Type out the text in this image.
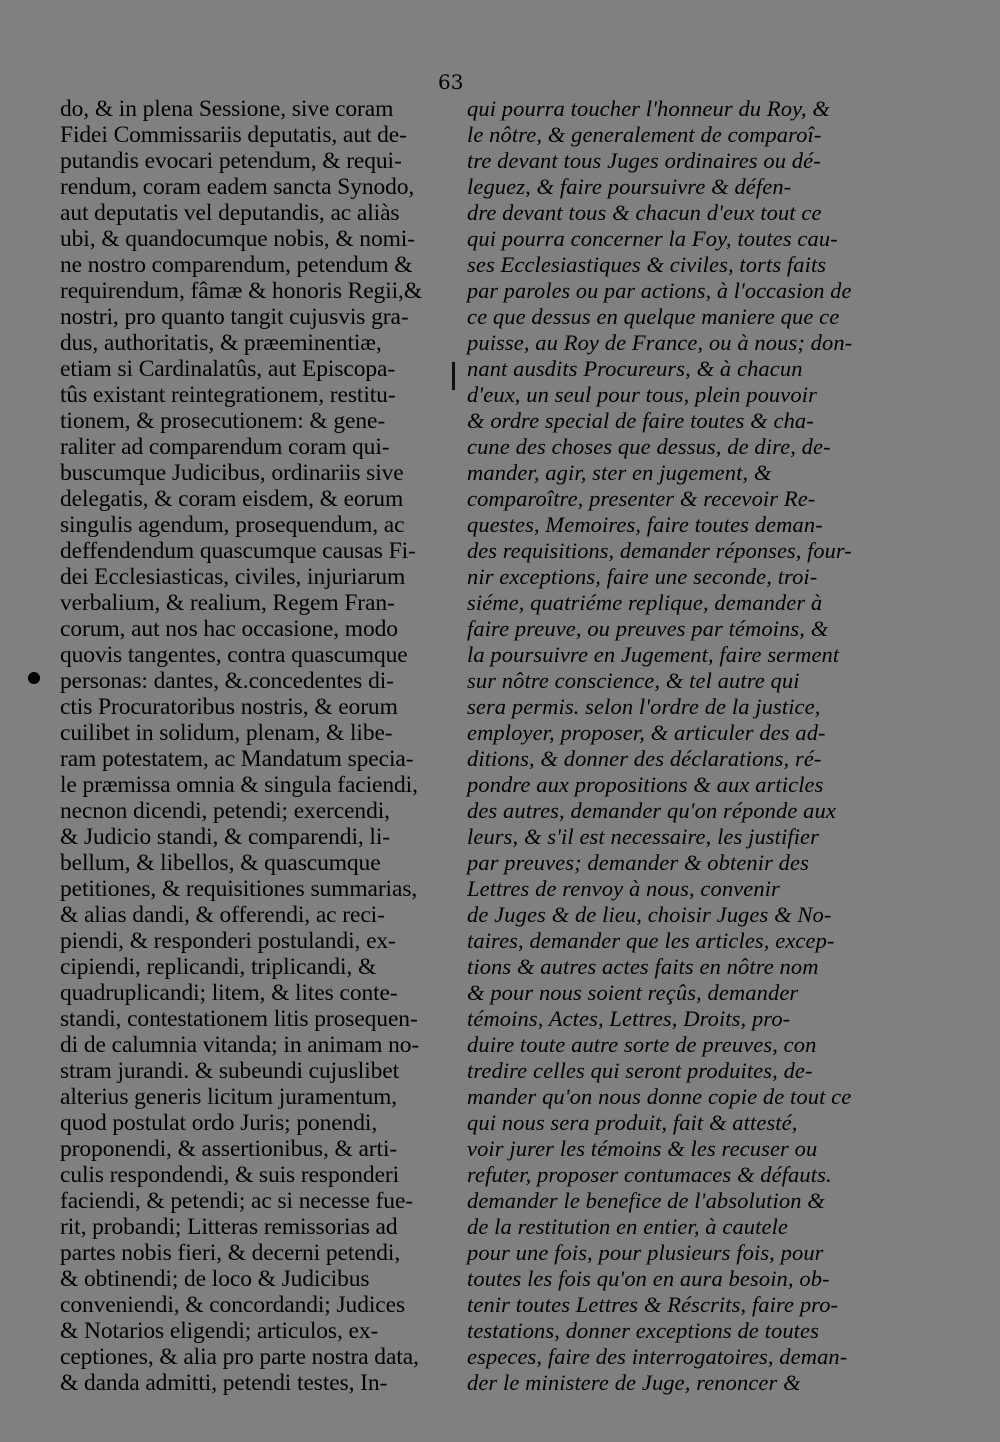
63
do, & in plena Sessione, sive coram
Fidei Commissariis deputatis, aut de-
putandis evocari petendum, & requi-
rendum, coram eadem sancta Synodo,
aut deputatis vel deputandis, ac aliàs
ubi, & quandocumque nobis, & nomi-
ne nostro comparendum, petendum &
requirendum, fâmæ & honoris Regii,&
nostri, pro quanto tangit cujusvis gra-
dus, authoritatis, & præeminentiæ,
etiam si Cardinalatûs, aut Episcopa-
tûs existant reintegrationem, restitu-
tionem, & prosecutionem: & gene-
raliter ad comparendum coram qui-
buscumque Judicibus, ordinariis sive
delegatis, & coram eisdem, & eorum
singulis agendum, prosequendum, ac
deffendendum quascumque causas Fi-
dei Ecclesiasticas, civiles, injuriarum
verbalium, & realium, Regem Fran-
corum, aut nos hac occasione, modo
quovis tangentes, contra quascumque
personas: dantes, &.concedentes di-
ctis Procuratoribus nostris, & eorum
cuilibet in solidum, plenam, & libe-
ram potestatem, ac Mandatum specia-
le præmissa omnia & singula faciendi,
necnon dicendi, petendi; exercendi,
& Judicio standi, & comparendi, li-
bellum, & libellos, & quascumque
petitiones, & requisitiones summarias,
& alias dandi, & offerendi, ac reci-
piendi, & responderi postulandi, ex-
cipiendi, replicandi, triplicandi, &
quadruplicandi; litem, & lites conte-
standi, contestationem litis prosequen-
di de calumnia vitanda; in animam no-
stram jurandi. & subeundi cujuslibet
alterius generis licitum juramentum,
quod postulat ordo Juris; ponendi,
proponendi, & assertionibus, & arti-
culis respondendi, & suis responderi
faciendi, & petendi; ac si necesse fue-
rit, probandi; Litteras remissorias ad
partes nobis fieri, & decerni petendi,
& obtinendi; de loco & Judicibus
conveniendi, & concordandi; Judices
& Notarios eligendi; articulos, ex-
ceptiones, & alia pro parte nostra data,
& danda admitti, petendi testes, In-
qui pourra toucher l'honneur du Roy, &
le nôtre, & generalement de comparoî-
tre devant tous Juges ordinaires ou dé-
leguez, & faire poursuivre & défen-
dre devant tous & chacun d'eux tout ce
qui pourra concerner la Foy, toutes cau-
ses Ecclesiastiques & civiles, torts faits
par paroles ou par actions, à l'occasion de
ce que dessus en quelque maniere que ce
puisse, au Roy de France, ou à nous; don-
nant ausdits Procureurs, & à chacun
d'eux, un seul pour tous, plein pouvoir
& ordre special de faire toutes & cha-
cune des choses que dessus, de dire, de-
mander, agir, ster en jugement, &
comparoître, presenter & recevoir Re-
questes, Memoires, faire toutes deman-
des requisitions, demander réponses, four-
nir exceptions, faire une seconde, troi-
siéme, quatriéme replique, demander à
faire preuve, ou preuves par témoins, &
la poursuivre en Jugement, faire serment
sur nôtre conscience, & tel autre qui
sera permis. selon l'ordre de la justice,
employer, proposer, & articuler des ad-
ditions, & donner des déclarations, ré-
pondre aux propositions & aux articles
des autres, demander qu'on réponde aux
leurs, & s'il est necessaire, les justifier
par preuves; demander & obtenir des
Lettres de renvoy à nous, convenir
de Juges & de lieu, choisir Juges & No-
taires, demander que les articles, excep-
tions & autres actes faits en nôtre nom
& pour nous soient reçûs, demander
témoins, Actes, Lettres, Droits, pro-
duire toute autre sorte de preuves, con
tredire celles qui seront produites, de-
mander qu'on nous donne copie de tout ce
qui nous sera produit, fait & attesté,
voir jurer les témoins & les recuser ou
refuter, proposer contumaces & défauts.
demander le benefice de l'absolution &
de la restitution en entier, à cautele
pour une fois, pour plusieurs fois, pour
toutes les fois qu'on en aura besoin, ob-
tenir toutes Lettres & Réscrits, faire pro-
testations, donner exceptions de toutes
especes, faire des interrogatoires, deman-
der le ministere de Juge, renoncer &
